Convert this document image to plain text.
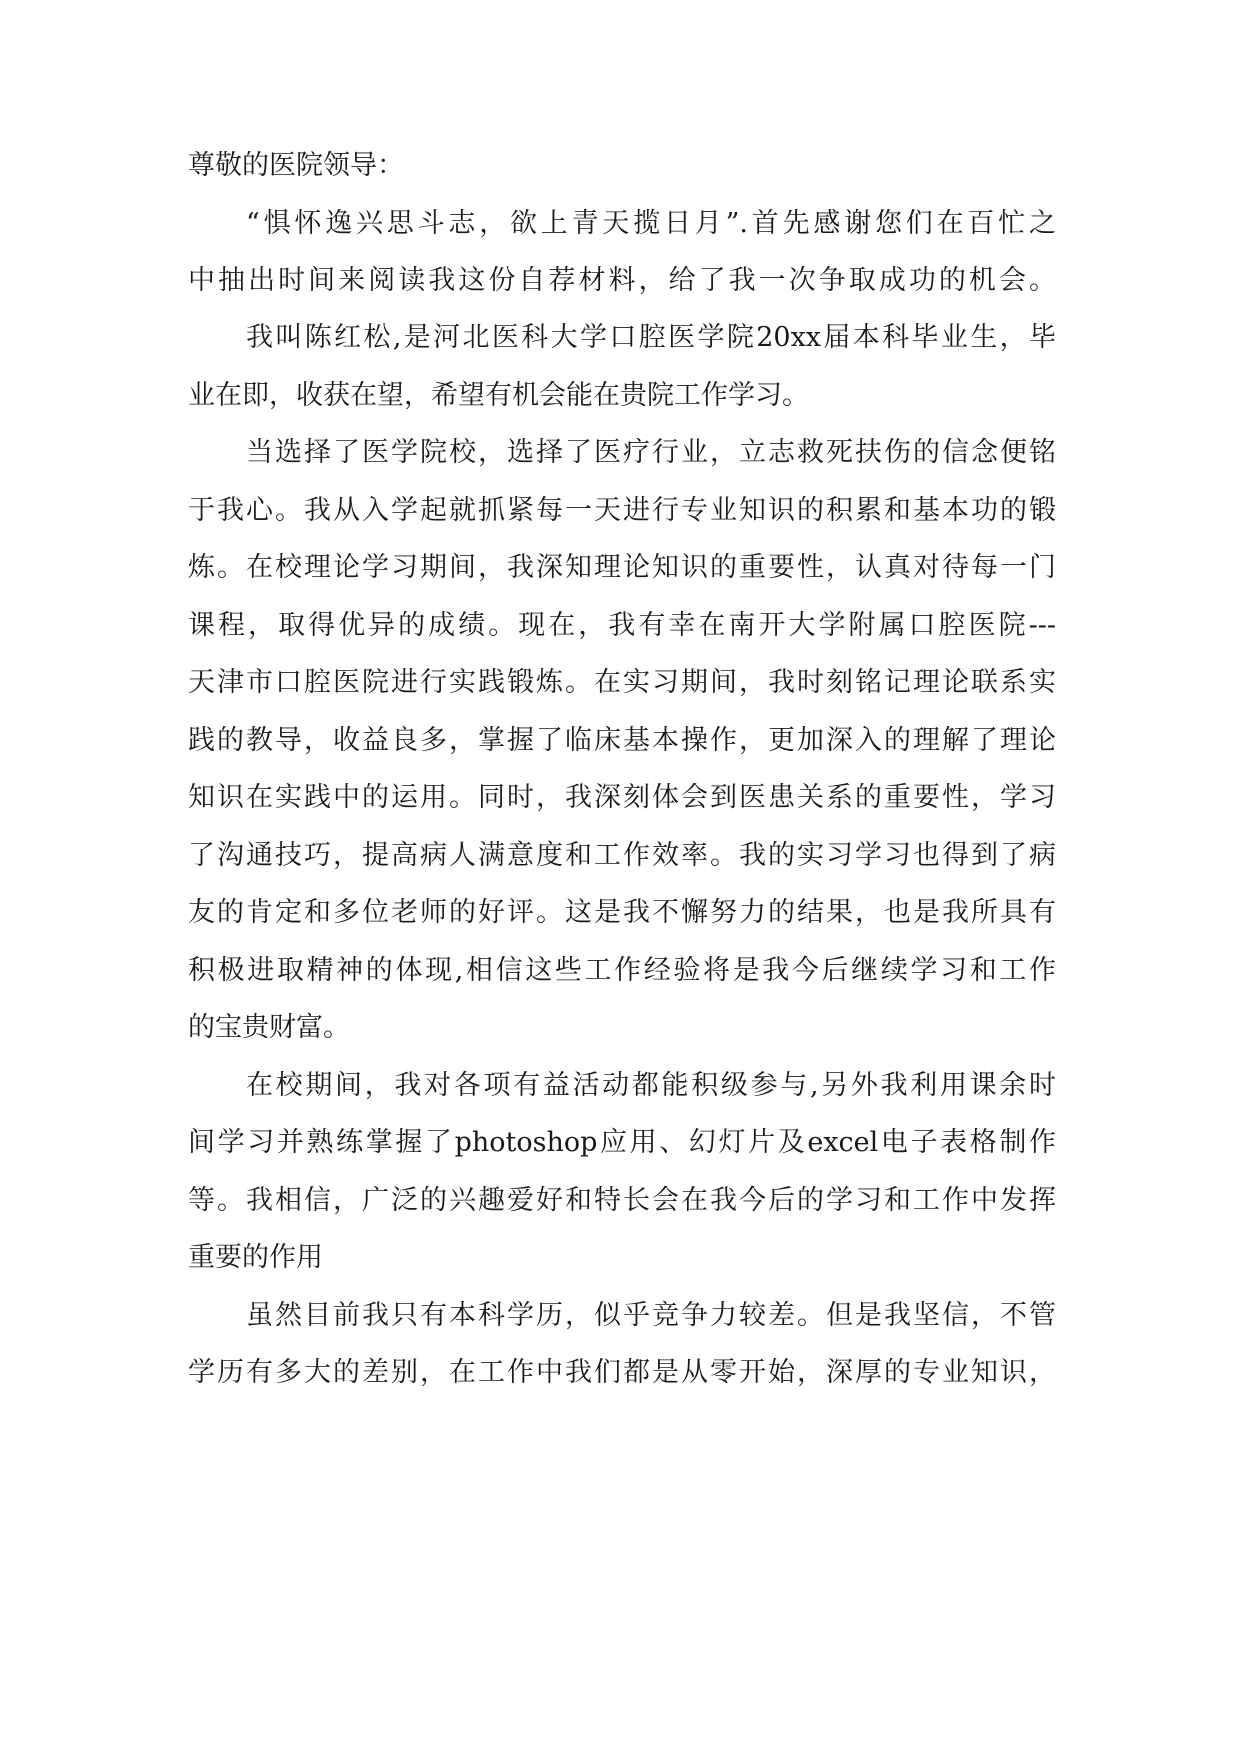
尊敬的医院领导：
“惧怀逸兴思斗志，欲上青天揽日月”.首先感谢您们在百忙之
中抽出时间来阅读我这份自荐材料，给了我一次争取成功的机会。
我叫陈红松,是河北医科大学口腔医学院20xx届本科毕业生，毕
业在即，收获在望，希望有机会能在贵院工作学习。
当选择了医学院校，选择了医疗行业，立志救死扶伤的信念便铭
于我心。我从入学起就抓紧每一天进行专业知识的积累和基本功的锻
炼。在校理论学习期间，我深知理论知识的重要性，认真对待每一门
课程，取得优异的成绩。现在，我有幸在南开大学附属口腔医院---
天津市口腔医院进行实践锻炼。在实习期间，我时刻铭记理论联系实
践的教导，收益良多，掌握了临床基本操作，更加深入的理解了理论
知识在实践中的运用。同时，我深刻体会到医患关系的重要性，学习
了沟通技巧，提高病人满意度和工作效率。我的实习学习也得到了病
友的肯定和多位老师的好评。这是我不懈努力的结果，也是我所具有
积极进取精神的体现,相信这些工作经验将是我今后继续学习和工作
的宝贵财富。
在校期间，我对各项有益活动都能积级参与,另外我利用课余时
间学习并熟练掌握了photoshop应用、幻灯片及excel电子表格制作
等。我相信，广泛的兴趣爱好和特长会在我今后的学习和工作中发挥
重要的作用
虽然目前我只有本科学历，似乎竞争力较差。但是我坚信，不管
学历有多大的差别，在工作中我们都是从零开始，深厚的专业知识，
